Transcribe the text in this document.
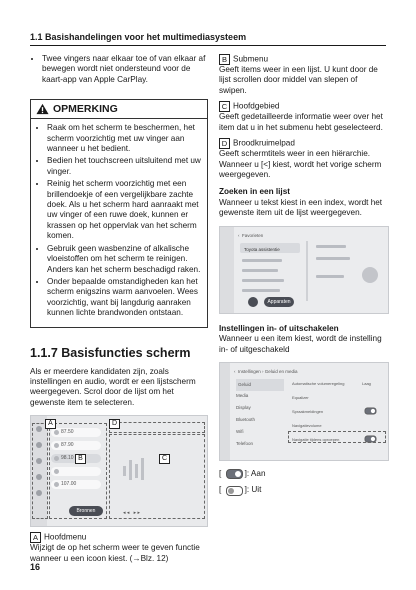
1.1 Basishandelingen voor het multimediasysteem
• Twee vingers naar elkaar toe of van elkaar af bewegen wordt niet ondersteund voor de kaart-app van Apple CarPlay.
OPMERKING
• Raak om het scherm te beschermen, het scherm voorzichtig met uw vinger aan wanneer u het bedient.
• Bedien het touchscreen uitsluitend met uw vinger.
• Reinig het scherm voorzichtig met een brillendoekje of een vergelijkbare zachte doek. Als u het scherm hard aanraakt met uw vinger of een ruwe doek, kunnen er krassen op het oppervlak van het scherm komen.
• Gebruik geen wasbenzine of alkalische vloeistoffen om het scherm te reinigen. Anders kan het scherm beschadigd raken.
• Onder bepaalde omstandigheden kan het scherm enigszins warm aanvoelen. Wees voorzichtig, want bij langdurig aanraken kunnen lichte brandwonden ontstaan.
1.1.7 Basisfuncties scherm
Als er meerdere kandidaten zijn, zoals instellingen en audio, wordt er een lijstscherm weergegeven. Scrol door de lijst om het gewenste item te selecteren.
87.50
87.90
98.10
107.00
Bronnen	◂ ◂   ▸ ▸
A
B	C
D
A Hoofdmenu
Wijzigt de op het scherm weer te geven functie wanneer u een icoon kiest. (→Blz. 12)
B Submenu
Geeft items weer in een lijst. U kunt door de lijst scrollen door middel van slepen of swipen.
C Hoofdgebied
Geeft gedetailleerde informatie weer over het item dat u in het submenu hebt geselecteerd.
D Broodkruimelpad
Geeft schermtitels weer in een hiërarchie. Wanneer u [<] kiest, wordt het vorige scherm weergegeven.
Zoeken in een lijst
Wanneer u tekst kiest in een index, wordt het gewenste item uit de lijst weergegeven.
‹  Favorieten
Toyota assistentie
Apparaten
Instellingen in- of uitschakelen
Wanneer u een item kiest, wordt de instelling in- of uitgeschakeld
‹  Instellingen › Geluid en media
Geluid
Media
Display
Bluetooth
Wifi
Telefoon
Automatische volumeregeling	Laag
Equalizer
Spraakmeldingen
Navigatievolume
Navigatie tijdens oproepen
[	]: Aan
[	]: Uit
16
